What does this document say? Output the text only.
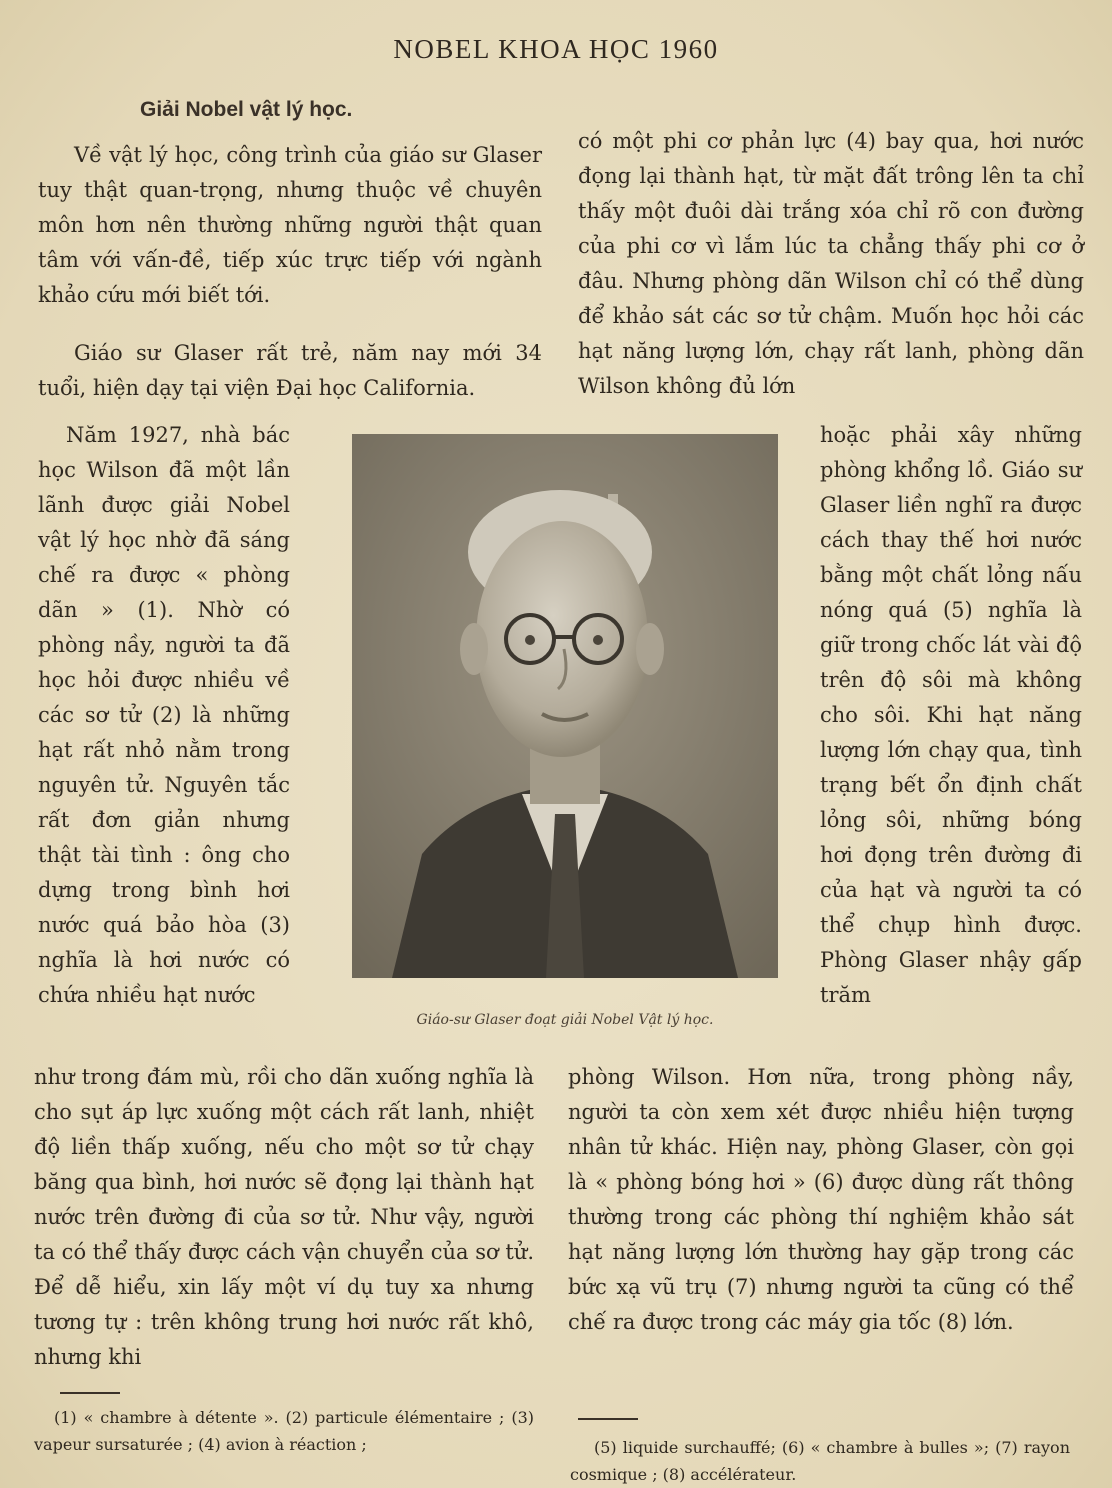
NOBEL KHOA HỌC 1960
Giải Nobel vật lý học.

Về vật lý học, công trình của giáo sư Glaser tuy thật quan-trọng, nhưng thuộc về chuyên môn hơn nên thường những người thật quan tâm với vấn-đề, tiếp xúc trực tiếp với ngành khảo cứu mới biết tới.

Giáo sư Glaser rất trẻ, năm nay mới 34 tuổi, hiện dạy tại viện Đại học California.

Năm 1927, nhà bác học Wilson đã một lần lãnh được giải Nobel vật lý học nhờ đã sáng chế ra được « phòng dãn » (1). Nhờ có phòng nầy, người ta đã học hỏi được nhiều về các sơ tử (2) là những hạt rất nhỏ nằm trong nguyên tử. Nguyên tắc rất đơn giản nhưng thật tài tình : ông cho dựng trong bình hơi nước quá bảo hòa (3) nghĩa là hơi nước có chứa nhiều hạt nước

như trong đám mù, rồi cho dãn xuống nghĩa là cho sụt áp lực xuống một cách rất lanh, nhiệt độ liền thấp xuống, nếu cho một sơ tử chạy băng qua bình, hơi nước sẽ đọng lại thành hạt nước trên đường đi của sơ tử. Như vậy, người ta có thể thấy được cách vận chuyển của sơ tử. Để dễ hiểu, xin lấy một ví dụ tuy xa nhưng tương tự : trên không trung hơi nước rất khô, nhưng khi

có một phi cơ phản lực (4) bay qua, hơi nước đọng lại thành hạt, từ mặt đất trông lên ta chỉ thấy một đuôi dài trắng xóa chỉ rõ con đường của phi cơ vì lắm lúc ta chẳng thấy phi cơ ở đâu. Nhưng phòng dãn Wilson chỉ có thể dùng để khảo sát các sơ tử chậm. Muốn học hỏi các hạt năng lượng lớn, chạy rất lanh, phòng dãn Wilson không đủ lớn

hoặc phải xây những phòng khổng lồ. Giáo sư Glaser liền nghĩ ra được cách thay thế hơi nước bằng một chất lỏng nấu nóng quá (5) nghĩa là giữ trong chốc lát vài độ trên độ sôi mà không cho sôi. Khi hạt năng lượng lớn chạy qua, tình trạng bết ổn định chất lỏng sôi, những bóng hơi đọng trên đường đi của hạt và người ta có thể chụp hình được. Phòng Glaser nhậy gấp trăm

phòng Wilson. Hơn nữa, trong phòng nầy, người ta còn xem xét được nhiều hiện tượng nhân tử khác. Hiện nay, phòng Glaser, còn gọi là « phòng bóng hơi » (6) được dùng rất thông thường trong các phòng thí nghiệm khảo sát hạt năng lượng lớn thường hay gặp trong các bức xạ vũ trụ (7) nhưng người ta cũng có thể chế ra được trong các máy gia tốc (8) lớn.

Giáo-sư Glaser đoạt giải Nobel Vật lý học.

(1) « chambre à détente ». (2) particule élémentaire ; (3) vapeur sursaturée ; (4) avion à réaction ;	(5) liquide surchauffé; (6) « chambre à bulles »; (7) rayon cosmique ; (8) accélérateur.
